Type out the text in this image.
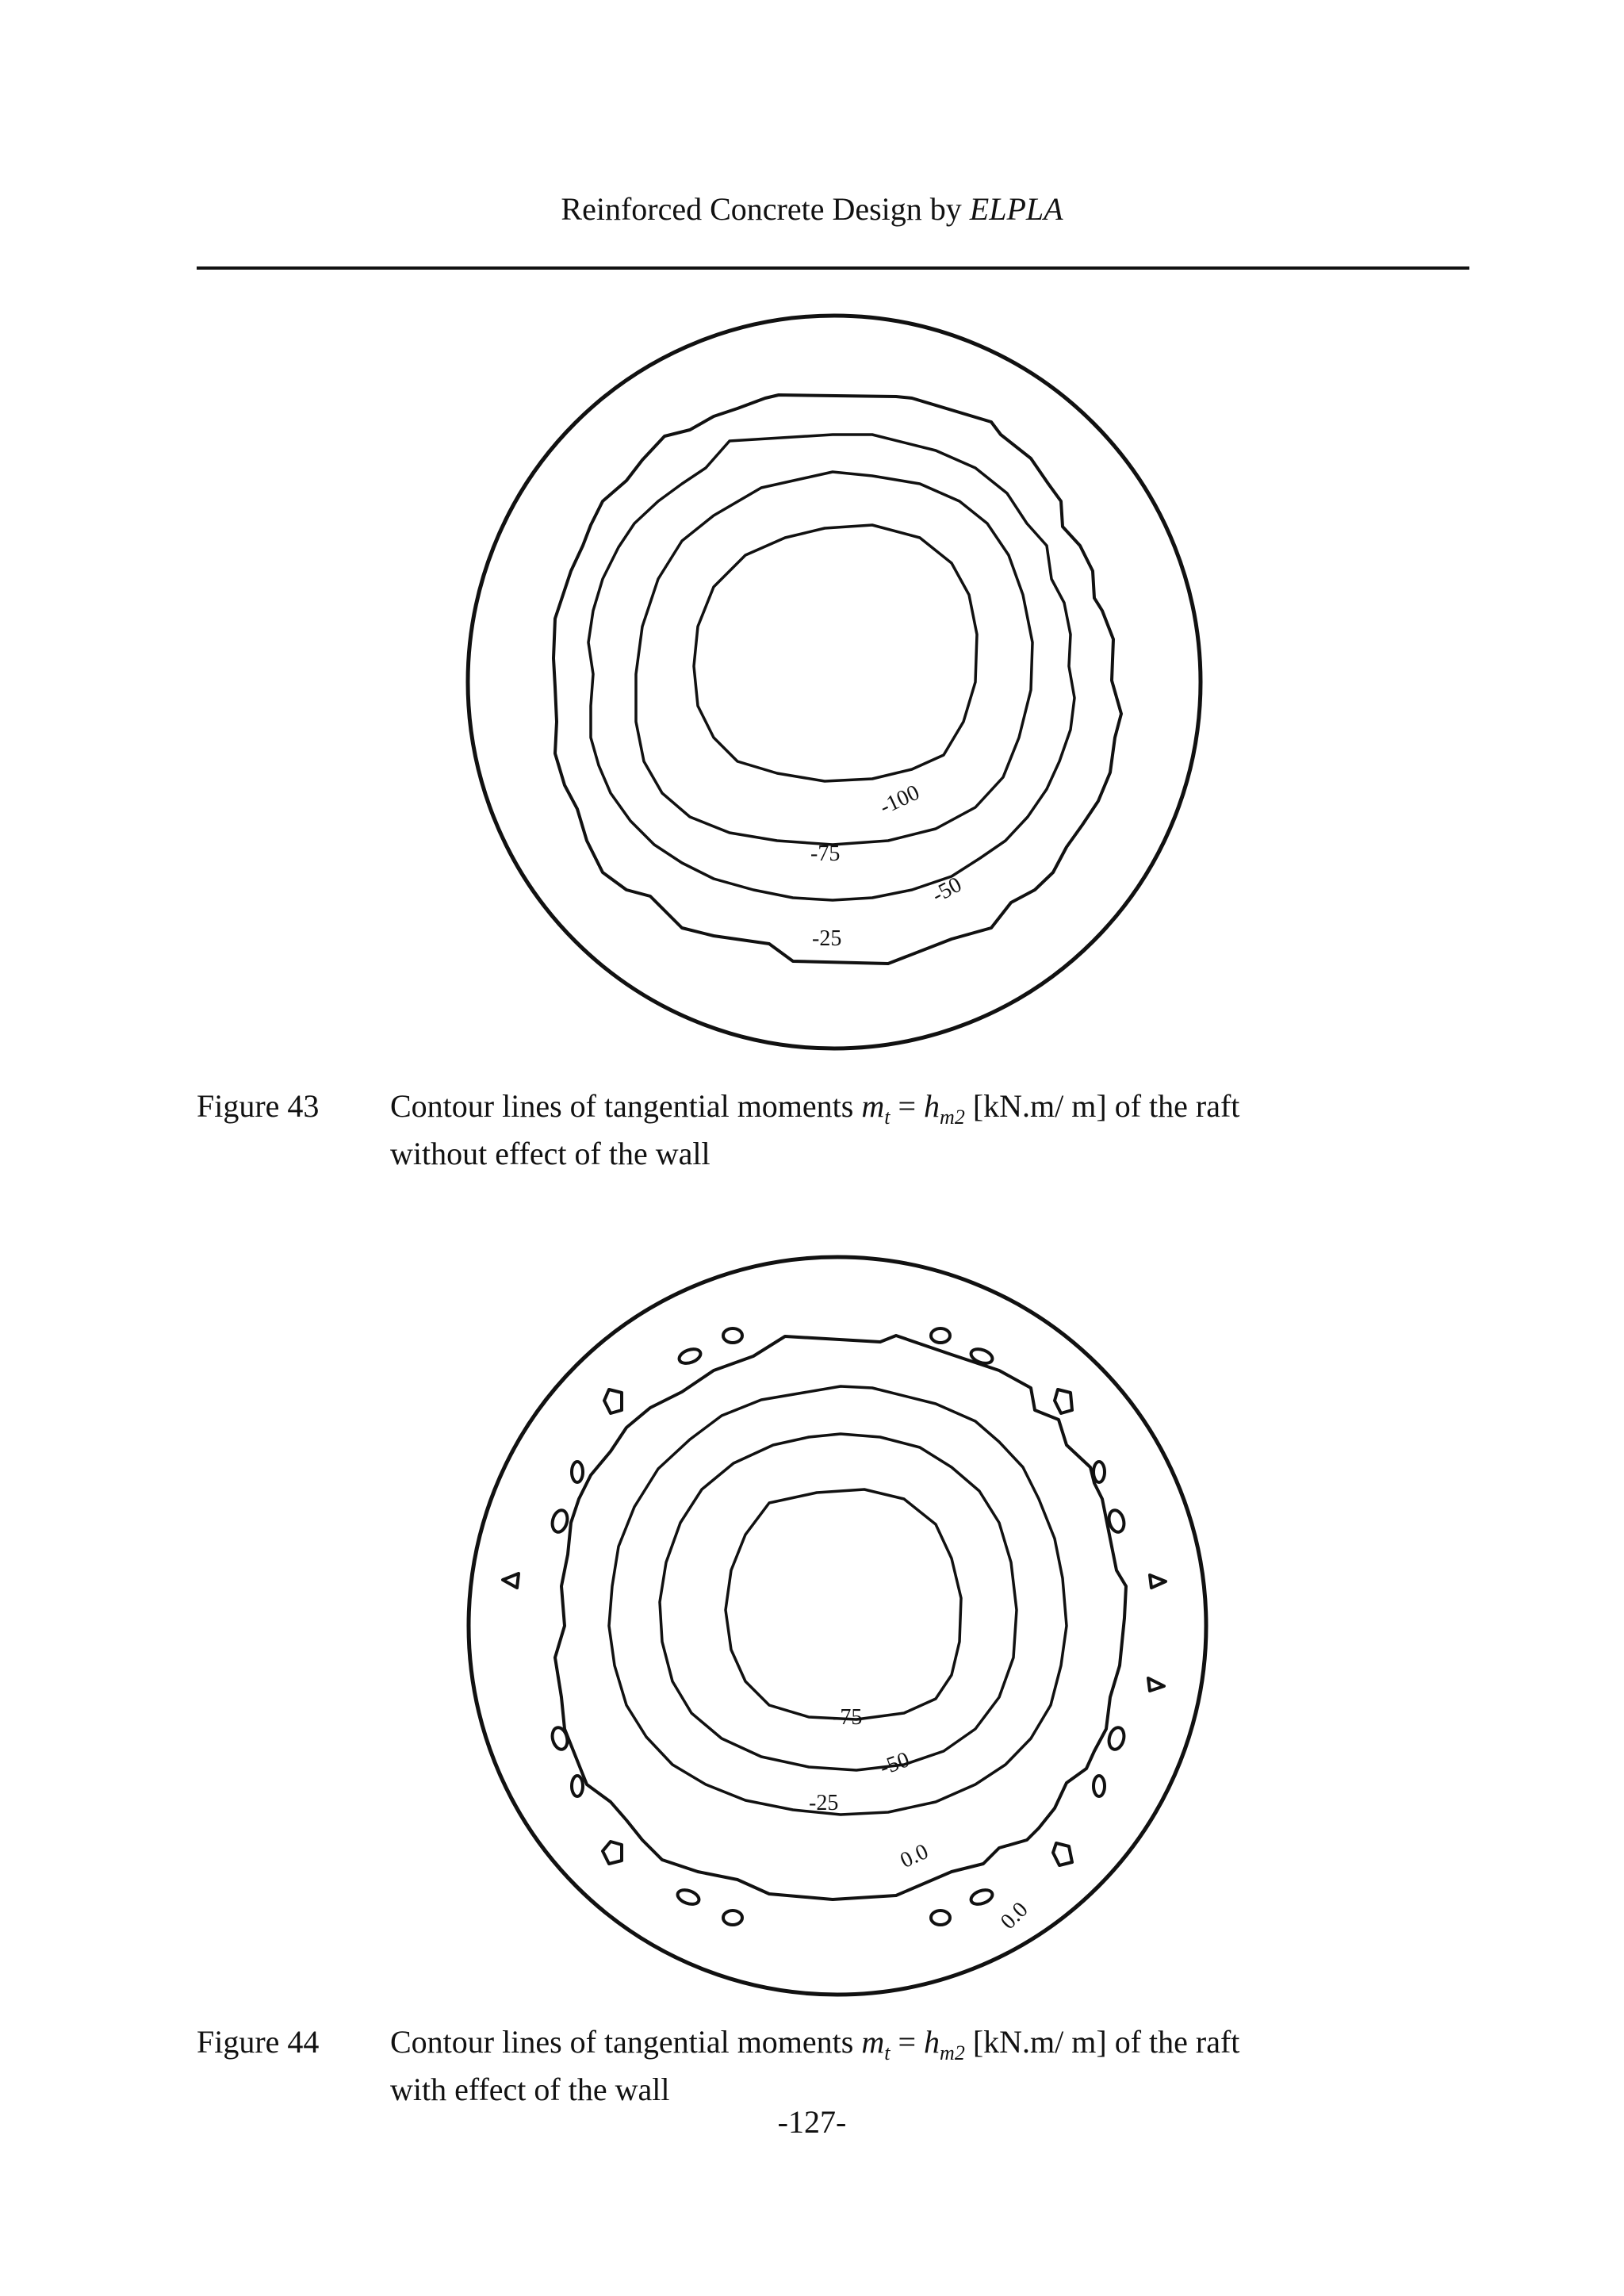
Reinforced Concrete Design by ELPLA
-100
-75
-50
-25
Figure 43	Contour lines of tangential moments $m_t = h_{m2}$ [kN.m/ m] of the raft
without effect of the wall
-75
-50
-25
0.0
0.0
Figure 44	Contour lines of tangential moments $m_t = h_{m2}$ [kN.m/ m] of the raft
with effect of the wall
-127-
